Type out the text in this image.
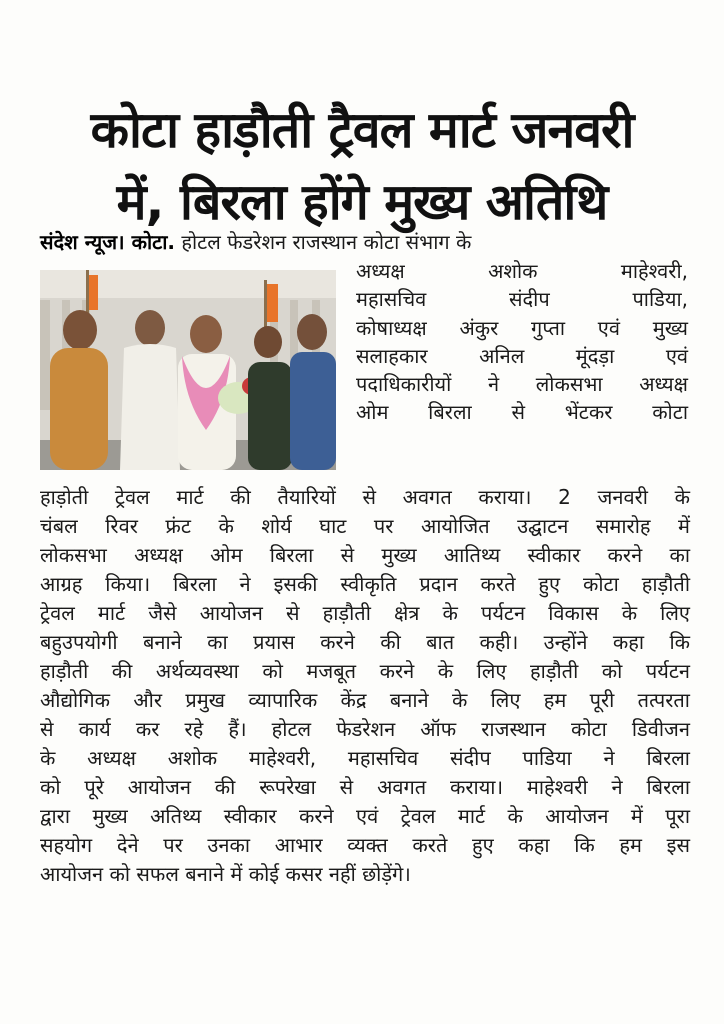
कोटा हाड़ौती ट्रैवल मार्ट जनवरी
में, बिरला होंगे मुख्य अतिथि
संदेश न्यूज। कोटा. होटल फेडरेशन राजस्थान कोटा संभाग के
अध्यक्ष अशोक माहेश्वरी,
महासचिव संदीप पाडिया,
कोषाध्यक्ष अंकुर गुप्ता एवं मुख्य
सलाहकार अनिल मूंदड़ा एवं
पदाधिकारीयों ने लोकसभा अध्यक्ष
ओम बिरला से भेंटकर कोटा
हाड़ोती ट्रेवल मार्ट की तैयारियों से अवगत कराया। 2 जनवरी के
चंबल रिवर फ्रंट के शोर्य घाट पर आयोजित उद्घाटन समारोह में
लोकसभा अध्यक्ष ओम बिरला से मुख्य आतिथ्य स्वीकार करने का
आग्रह किया। बिरला ने इसकी स्वीकृति प्रदान करते हुए कोटा हाड़ौती
ट्रेवल मार्ट जैसे आयोजन से हाड़ौती क्षेत्र के पर्यटन विकास के लिए
बहुउपयोगी बनाने का प्रयास करने की बात कही। उन्होंने कहा कि
हाड़ौती की अर्थव्यवस्था को मजबूत करने के लिए हाड़ौती को पर्यटन
औद्योगिक और प्रमुख व्यापारिक केंद्र बनाने के लिए हम पूरी तत्परता
से कार्य कर रहे हैं। होटल फेडरेशन ऑफ राजस्थान कोटा डिवीजन
के अध्यक्ष अशोक माहेश्वरी, महासचिव संदीप पाडिया ने बिरला
को पूरे आयोजन की रूपरेखा से अवगत कराया। माहेश्वरी ने बिरला
द्वारा मुख्य अतिथ्य स्वीकार करने एवं ट्रेवल मार्ट के आयोजन में पूरा
सहयोग देने पर उनका आभार व्यक्त करते हुए कहा कि हम इस
आयोजन को सफल बनाने में कोई कसर नहीं छोड़ेंगे।
